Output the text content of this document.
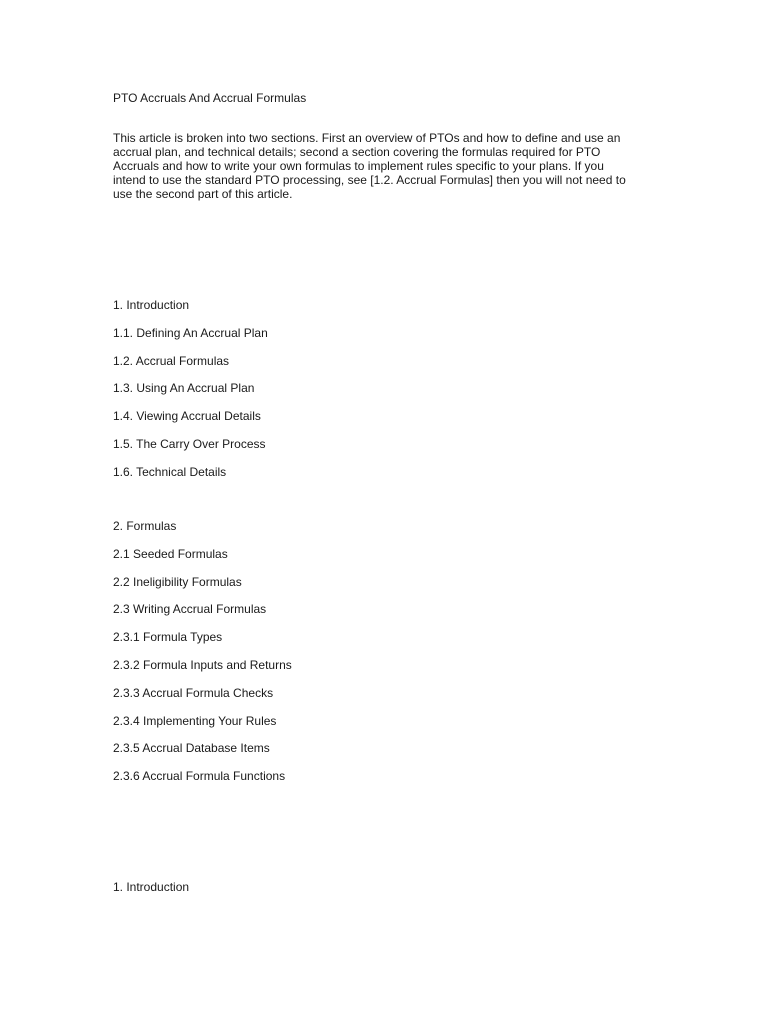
PTO Accruals And Accrual Formulas
This article is broken into two sections. First an overview of PTOs and how to define and use an
accrual plan, and technical details; second a section covering the formulas required for PTO
Accruals and how to write your own formulas to implement rules specific to your plans. If you
intend to use the standard PTO processing, see [1.2. Accrual Formulas] then you will not need to
use the second part of this article.
1. Introduction
1.1. Defining An Accrual Plan
1.2. Accrual Formulas
1.3. Using An Accrual Plan
1.4. Viewing Accrual Details
1.5. The Carry Over Process
1.6. Technical Details
2. Formulas
2.1 Seeded Formulas
2.2 Ineligibility Formulas
2.3 Writing Accrual Formulas
2.3.1 Formula Types
2.3.2 Formula Inputs and Returns
2.3.3 Accrual Formula Checks
2.3.4 Implementing Your Rules
2.3.5 Accrual Database Items
2.3.6 Accrual Formula Functions
1. Introduction
